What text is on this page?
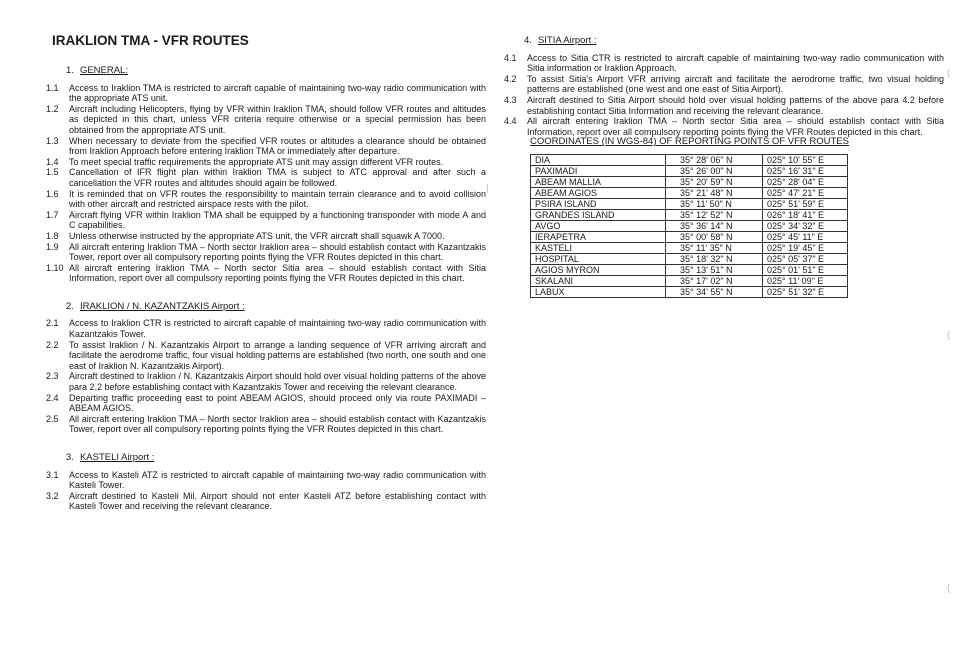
IRAKLION TMA - VFR ROUTES

1. GENERAL:

1.1	Access to Iraklion TMA is restricted to aircraft capable of maintaining two-way radio communication with the appropriate ATS unit.
1.2	Aircraft including Helicopters, flying by VFR within Iraklion TMA, should follow VFR routes and altitudes as depicted in this chart, unless VFR criteria require otherwise or a special permission has been obtained from the appropriate ATS unit.
1.3	When necessary to deviate from the specified VFR routes or altitudes a clearance should be obtained from Iraklion Approach before entering Iraklion TMA or immediately after departure.
1.4	To meet special traffic requirements the appropriate ATS unit may assign different VFR routes.
1.5	Cancellation of IFR flight plan within Iraklion TMA is subject to ATC approval and after such a cancellation the VFR routes and altitudes should again be followed.
1.6	It is reminded that on VFR routes the responsibility to maintain terrain clearance and to avoid collision with other aircraft and restricted airspace rests with the pilot.
1.7	Aircraft flying VFR within Iraklion TMA shall be equipped by a functioning transponder with mode A and C capabilities.
1.8	Unless otherwise instructed by the appropriate ATS unit, the VFR aircraft shall squawk A 7000.
1.9	All aircraft entering Iraklion TMA – North sector Iraklion area – should establish contact with Kazantzakis Tower, report over all compulsory reporting points flying the VFR Routes depicted in this chart.
1.10 All aircraft entering Iraklion TMA – North sector Sitia area – should establish contact with Sitia Information, report over all compulsory reporting points flying the VFR Routes depicted in this chart.

2. IRAKLION / N. KAZANTZAKIS Airport :

2.1	Access to Iraklion CTR is restricted to aircraft capable of maintaining two-way radio communication with Kazantzakis Tower.
2.2	To assist Iraklion / N. Kazantzakis Airport to arrange a landing sequence of VFR arriving aircraft and facilitate the aerodrome traffic, four visual holding patterns are established (two north, one south and one east of Iraklion N. Kazantzakis Airport).
2.3	Aircraft destined to Iraklion / N. Kazantzakis Airport should hold over visual holding patterns of the above para 2.2 before establishing contact with Kazantzakis Tower and receiving the relevant clearance.
2.4	Departing traffic proceeding east to point ABEAM AGIOS, should proceed only via route PAXIMADI – ABEAM AGIOS.
2.5	All aircraft entering Iraklion TMA – North sector Iraklion area – should establish contact with Kazantzakis Tower, report over all compulsory reporting points flying the VFR Routes depicted in this chart.

3. KASTELI Airport :

3.1	Access to Kasteli ATZ is restricted to aircraft capable of maintaining two-way radio communication with Kasteli Tower.
3.2	Aircraft destined to Kasteli Mil. Airport should not enter Kasteli ATZ before establishing contact with Kasteli Tower and receiving the relevant clearance.

4. SITIA Airport :

4.1	Access to Sitia CTR is restricted to aircraft capable of maintaining two-way radio communication with Sitia information or Iraklion Approach.
4.2	To assist Sitia's Airport VFR arriving aircraft and facilitate the aerodrome traffic, two visual holding patterns are established (one west and one east of Sitia Airport).
4.3	Aircraft destined to Sitia Airport should hold over visual holding patterns of the above para 4.2 before establishing contact Sitia Information and receiving the relevant clearance.
4.4	All aircraft entering Iraklion TMA – North sector Sitia area – should establish contact with Sitia Information, report over all compulsory reporting points flying the VFR Routes depicted in this chart.

COORDINATES (IN WGS-84) OF REPORTING POINTS OF VFR ROUTES

DIA	35° 28' 06" N	025° 10' 55" E
PAXIMADI	35° 26' 00" N	025° 16' 31" E
ABEAM MALLIA	35° 20' 59" N	025° 28' 04" E
ABEAM AGIOS	35° 21' 48" N	025° 47' 21" E
PSIRA ISLAND	35° 11' 50" N	025° 51' 59" E
GRANDES ISLAND	35° 12' 52" N	026° 18' 41" E
AVGO	35° 36' 14" N	025° 34' 32" E
IERAPETRA	35° 00' 58" N	025° 45' 11" E
KASTELI	35° 11' 35" N	025° 19' 45" E
HOSPITAL	35° 18' 32" N	025° 05' 37" E
AGIOS MYRON	35° 13' 51" N	025° 01' 51" E
SKALANI	35° 17' 02" N	025° 11' 09" E
LABUX	35° 34' 55" N	025° 51' 32" E
|
(
(
(
